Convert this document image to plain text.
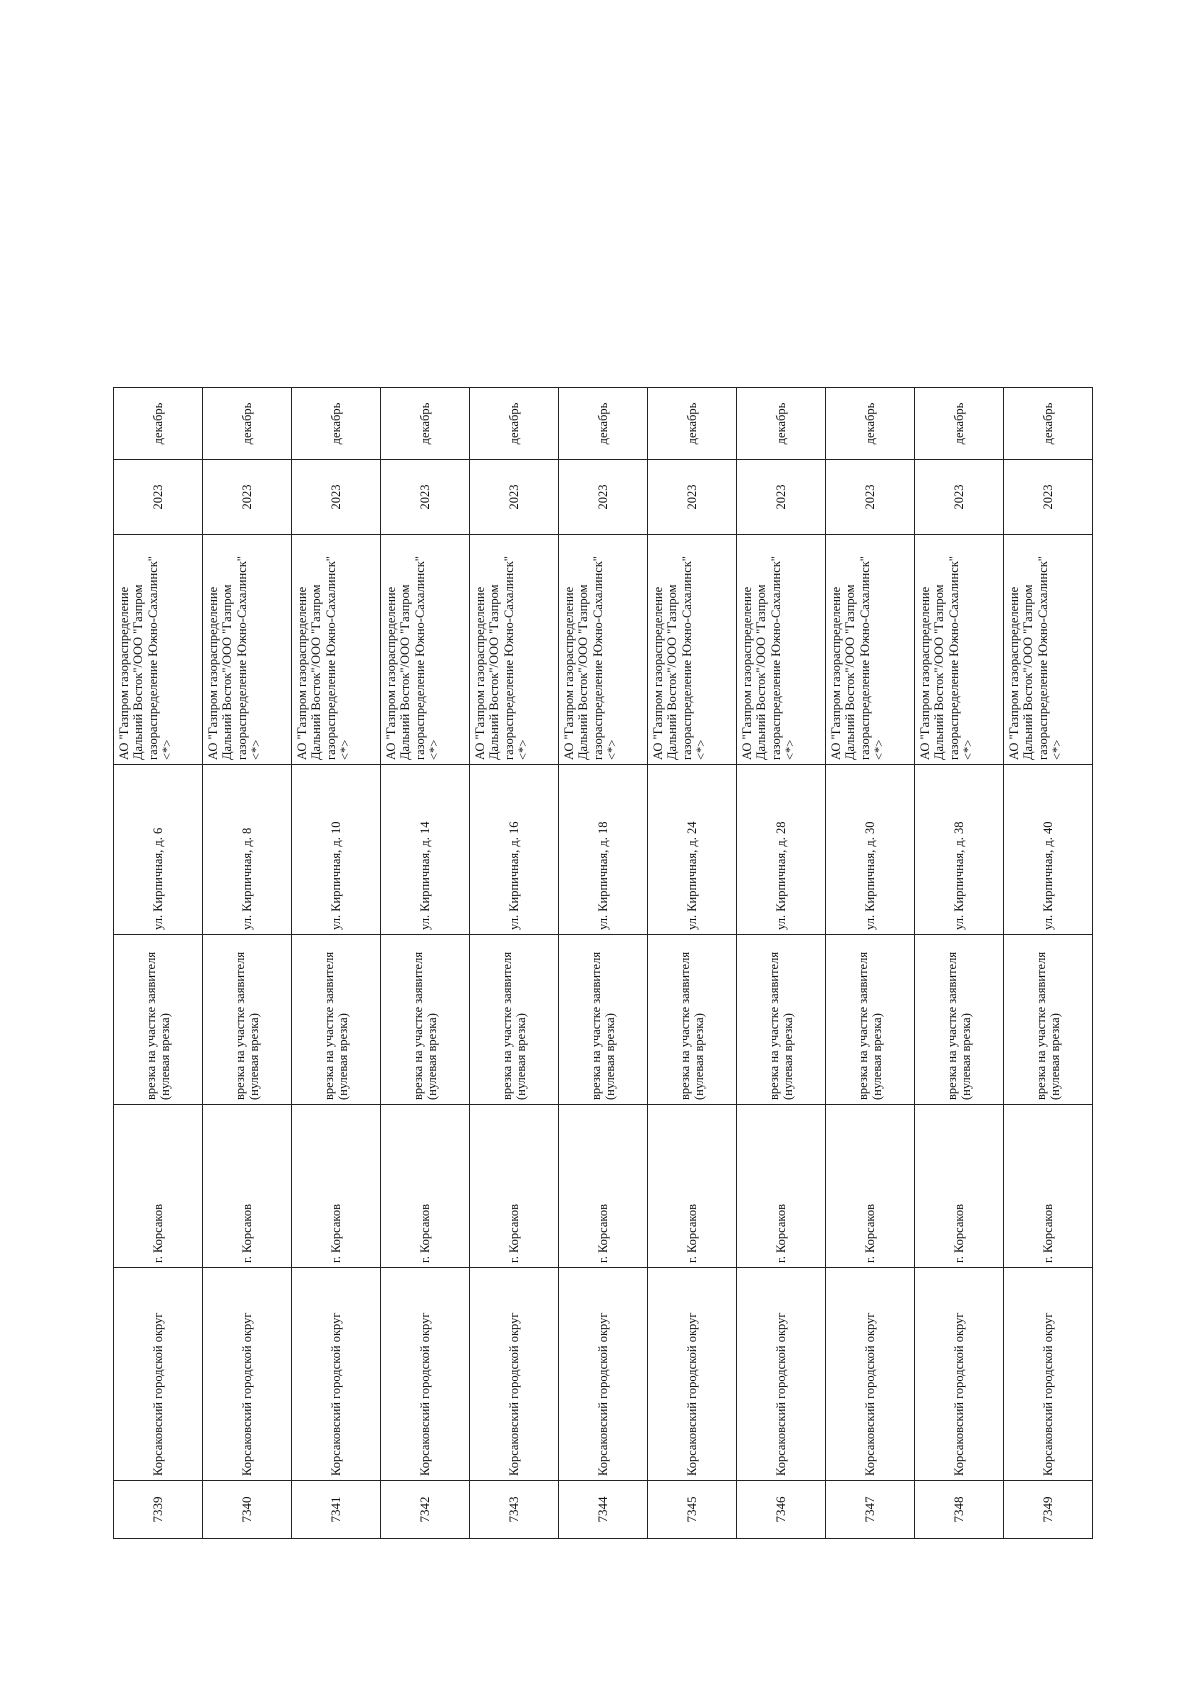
7339	Корсаковский городской округ	г. Корсаков	врезка на участке заявителя (нулевая врезка)	ул. Кирпичная, д. 6	АО "Газпром газораспределение Дальний Восток"/ООО "Газпром газораспределение Южно-Сахалинск" <*>	2023	декабрь
7340	Корсаковский городской округ	г. Корсаков	врезка на участке заявителя (нулевая врезка)	ул. Кирпичная, д. 8	АО "Газпром газораспределение Дальний Восток"/ООО "Газпром газораспределение Южно-Сахалинск" <*>	2023	декабрь
7341	Корсаковский городской округ	г. Корсаков	врезка на участке заявителя (нулевая врезка)	ул. Кирпичная, д. 10	АО "Газпром газораспределение Дальний Восток"/ООО "Газпром газораспределение Южно-Сахалинск" <*>	2023	декабрь
7342	Корсаковский городской округ	г. Корсаков	врезка на участке заявителя (нулевая врезка)	ул. Кирпичная, д. 14	АО "Газпром газораспределение Дальний Восток"/ООО "Газпром газораспределение Южно-Сахалинск" <*>	2023	декабрь
7343	Корсаковский городской округ	г. Корсаков	врезка на участке заявителя (нулевая врезка)	ул. Кирпичная, д. 16	АО "Газпром газораспределение Дальний Восток"/ООО "Газпром газораспределение Южно-Сахалинск" <*>	2023	декабрь
7344	Корсаковский городской округ	г. Корсаков	врезка на участке заявителя (нулевая врезка)	ул. Кирпичная, д. 18	АО "Газпром газораспределение Дальний Восток"/ООО "Газпром газораспределение Южно-Сахалинск" <*>	2023	декабрь
7345	Корсаковский городской округ	г. Корсаков	врезка на участке заявителя (нулевая врезка)	ул. Кирпичная, д. 24	АО "Газпром газораспределение Дальний Восток"/ООО "Газпром газораспределение Южно-Сахалинск" <*>	2023	декабрь
7346	Корсаковский городской округ	г. Корсаков	врезка на участке заявителя (нулевая врезка)	ул. Кирпичная, д. 28	АО "Газпром газораспределение Дальний Восток"/ООО "Газпром газораспределение Южно-Сахалинск" <*>	2023	декабрь
7347	Корсаковский городской округ	г. Корсаков	врезка на участке заявителя (нулевая врезка)	ул. Кирпичная, д. 30	АО "Газпром газораспределение Дальний Восток"/ООО "Газпром газораспределение Южно-Сахалинск" <*>	2023	декабрь
7348	Корсаковский городской округ	г. Корсаков	врезка на участке заявителя (нулевая врезка)	ул. Кирпичная, д. 38	АО "Газпром газораспределение Дальний Восток"/ООО "Газпром газораспределение Южно-Сахалинск" <*>	2023	декабрь
7349	Корсаковский городской округ	г. Корсаков	врезка на участке заявителя (нулевая врезка)	ул. Кирпичная, д. 40	АО "Газпром газораспределение Дальний Восток"/ООО "Газпром газораспределение Южно-Сахалинск" <*>	2023	декабрь
